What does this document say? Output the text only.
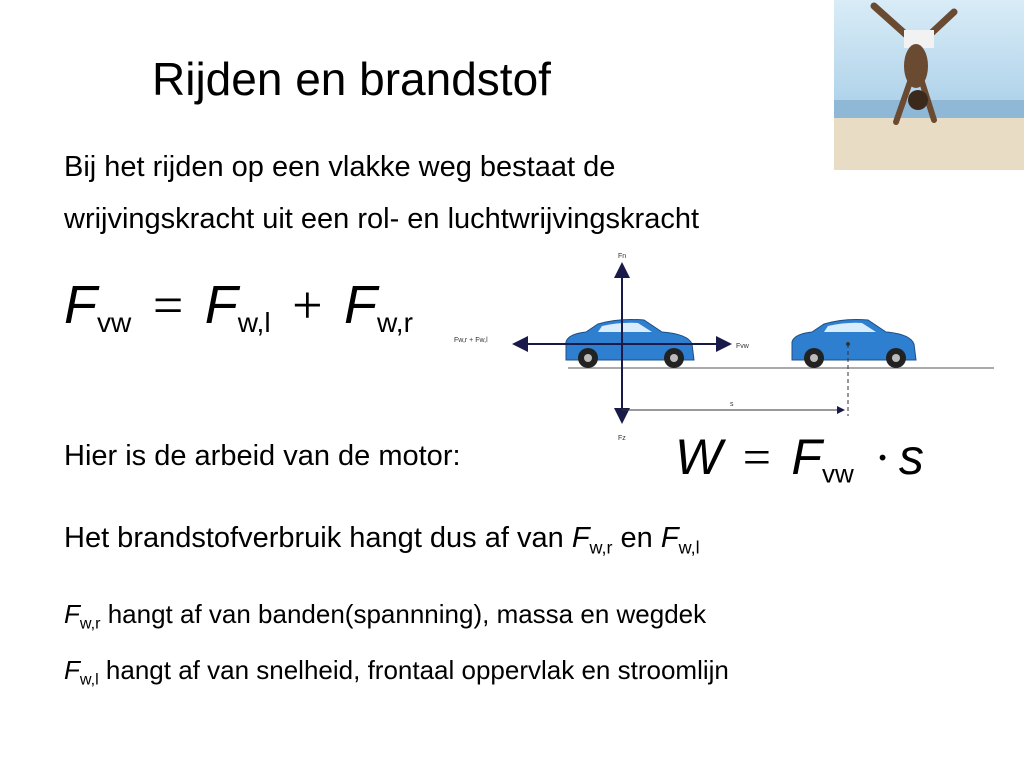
Rijden en brandstof
Bij het rijden op een vlakke weg bestaat de
wrijvingskracht uit een rol- en luchtwrijvingskracht
$F_{vw} = F_{w,l} + F_{w,r}$
Fn
Fz
Fw,r + Fw,l
Fvw
s
Hier is de arbeid van de motor:	$W = F_{vw} \cdot s$
Het brandstofverbruik hangt dus af van $F_{w,r}$ en $F_{w,l}$
$F_{w,r}$ hangt af van banden(spannning), massa en wegdek
$F_{w,l}$ hangt af van snelheid, frontaal oppervlak en stroomlijn
